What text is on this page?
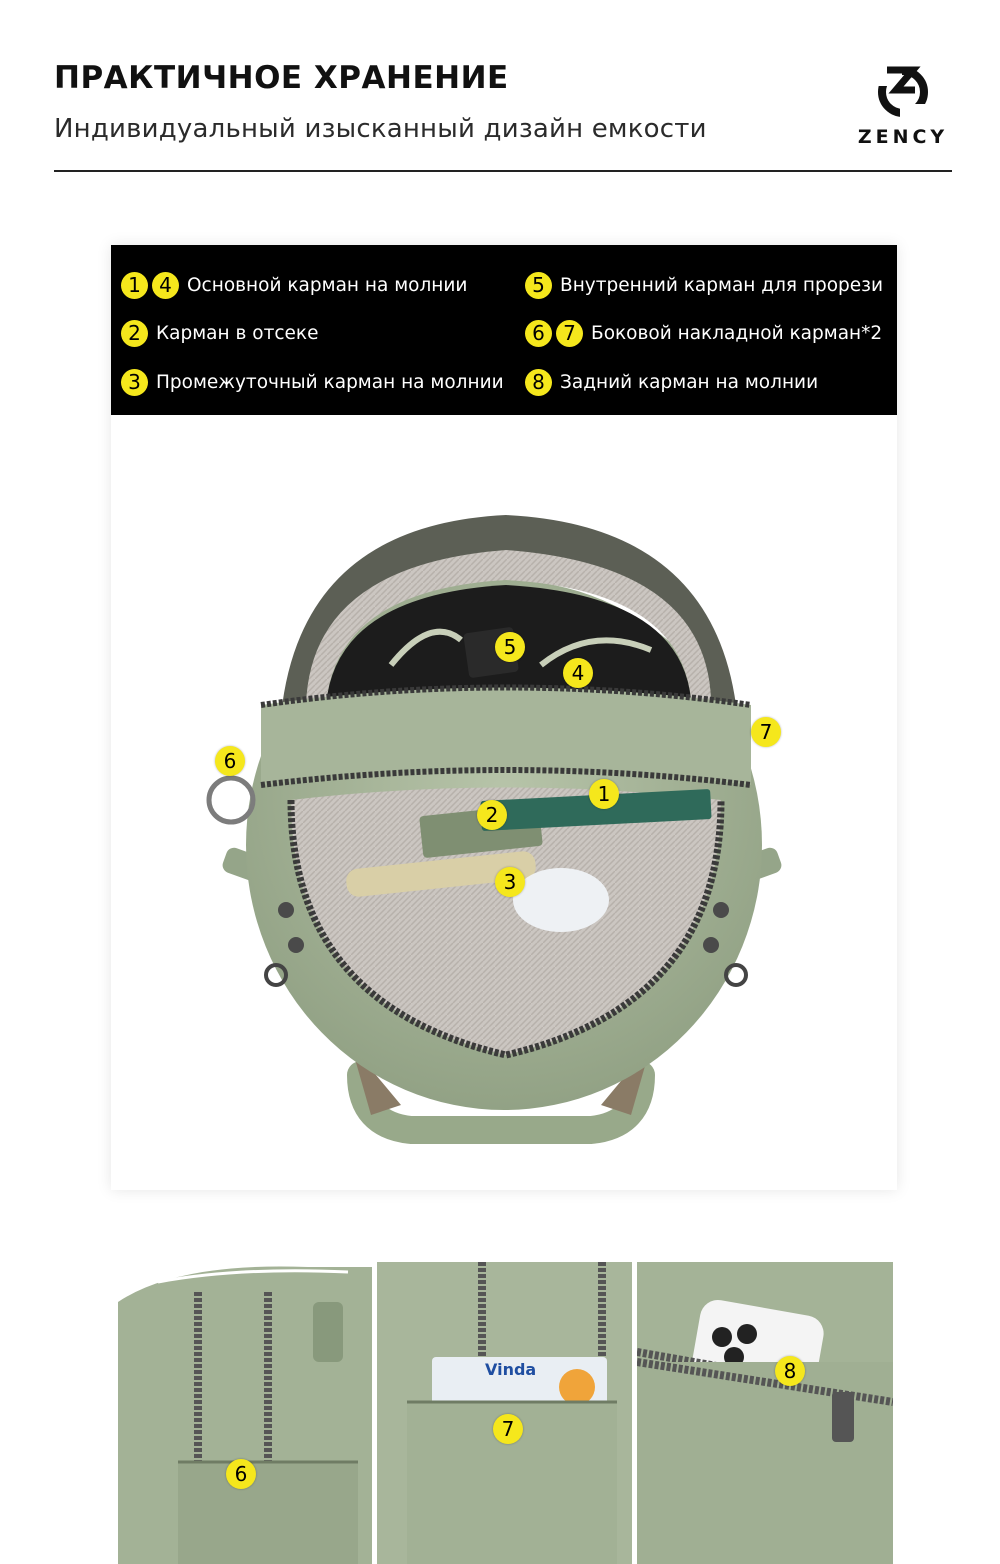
ПРАКТИЧНОЕ ХРАНЕНИЕ

Индивидуальный изысканный дизайн емкости	ZENCY
1 4 Основной карман на молнии
2 Карман в отсеке
3 Промежуточный карман на молнии
5 Внутренний карман для прорези
6 7 Боковой накладной карман*2
8 Задний карман на молнии
5
4
7
6
1
2
3
6
Vinda
7
8
